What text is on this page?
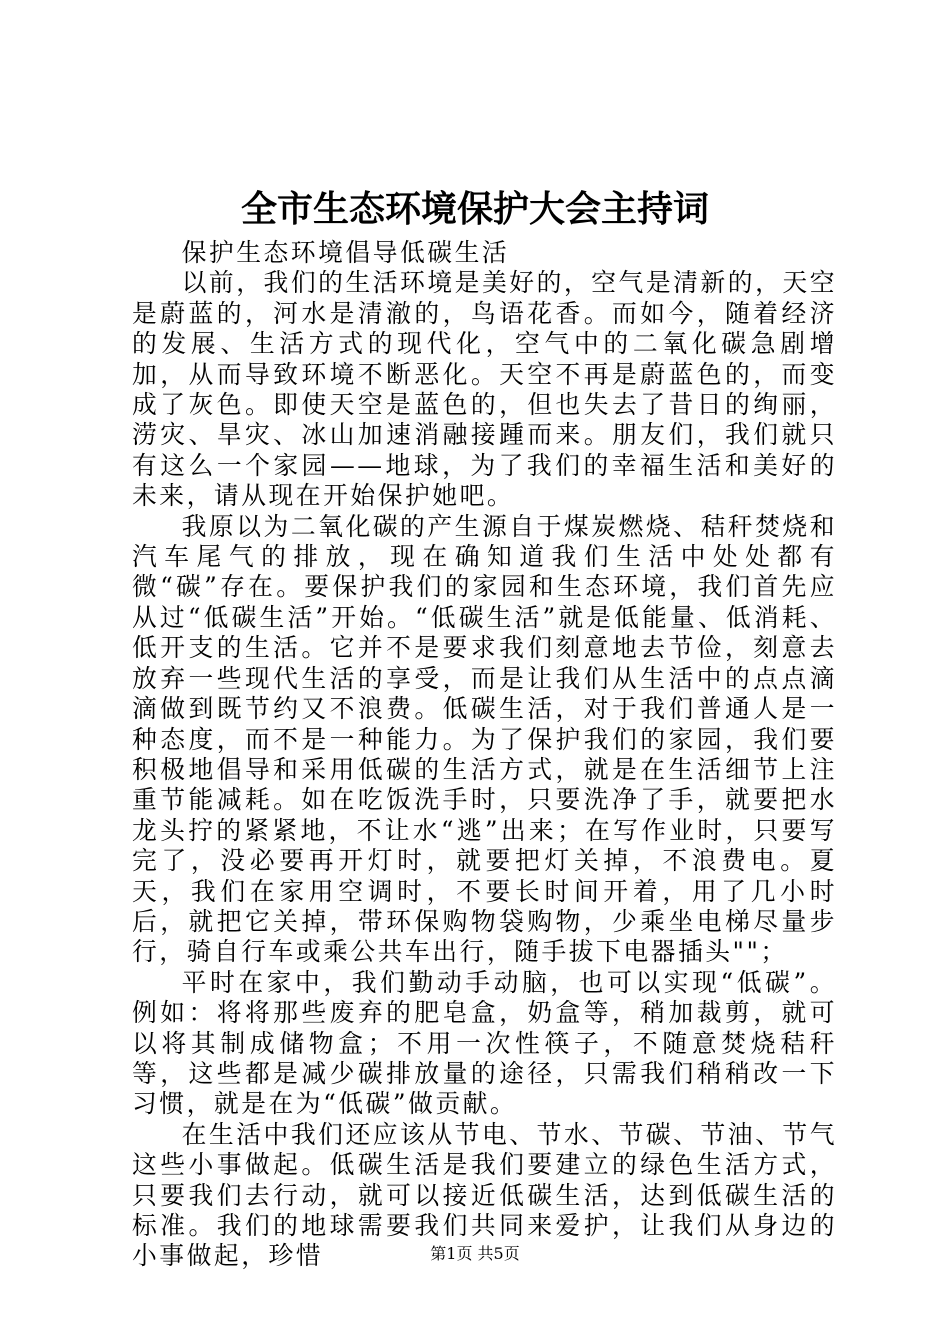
全市生态环境保护大会主持词

保护生态环境倡导低碳生活

以前，我们的生活环境是美好的，空气是清新的，天空是蔚蓝的，河水是清澈的，鸟语花香。而如今，随着经济的发展、生活方式的现代化，空气中的二氧化碳急剧增加，从而导致环境不断恶化。天空不再是蔚蓝色的，而变成了灰色。即使天空是蓝色的，但也失去了昔日的绚丽，涝灾、旱灾、冰山加速消融接踵而来。朋友们，我们就只有这么一个家园——地球，为了我们的幸福生活和美好的未来，请从现在开始保护她吧。

我原以为二氧化碳的产生源自于煤炭燃烧、秸秆焚烧和汽车尾气的排放，现在确知道我们生活中处处都有微“碳”存在。要保护我们的家园和生态环境，我们首先应从过“低碳生活”开始。“低碳生活”就是低能量、低消耗、低开支的生活。它并不是要求我们刻意地去节俭，刻意去放弃一些现代生活的享受，而是让我们从生活中的点点滴滴做到既节约又不浪费。低碳生活，对于我们普通人是一种态度，而不是一种能力。为了保护我们的家园，我们要积极地倡导和采用低碳的生活方式，就是在生活细节上注重节能减耗。如在吃饭洗手时，只要洗净了手，就要把水龙头拧的紧紧地，不让水“逃”出来；在写作业时，只要写完了，没必要再开灯时，就要把灯关掉，不浪费电。夏天，我们在家用空调时，不要长时间开着，用了几小时后，就把它关掉，带环保购物袋购物，少乘坐电梯尽量步行，骑自行车或乘公共车出行，随手拔下电器插头""；

平时在家中，我们勤动手动脑，也可以实现“低碳”。例如：将将那些废弃的肥皂盒，奶盒等，稍加裁剪，就可以将其制成储物盒；不用一次性筷子，不随意焚烧秸秆等，这些都是减少碳排放量的途径，只需我们稍稍改一下习惯，就是在为“低碳”做贡献。

在生活中我们还应该从节电、节水、节碳、节油、节气这些小事做起。低碳生活是我们要建立的绿色生活方式，只要我们去行动，就可以接近低碳生活，达到低碳生活的标准。我们的地球需要我们共同来爱护，让我们从身边的小事做起，珍惜	第1页 共5页
